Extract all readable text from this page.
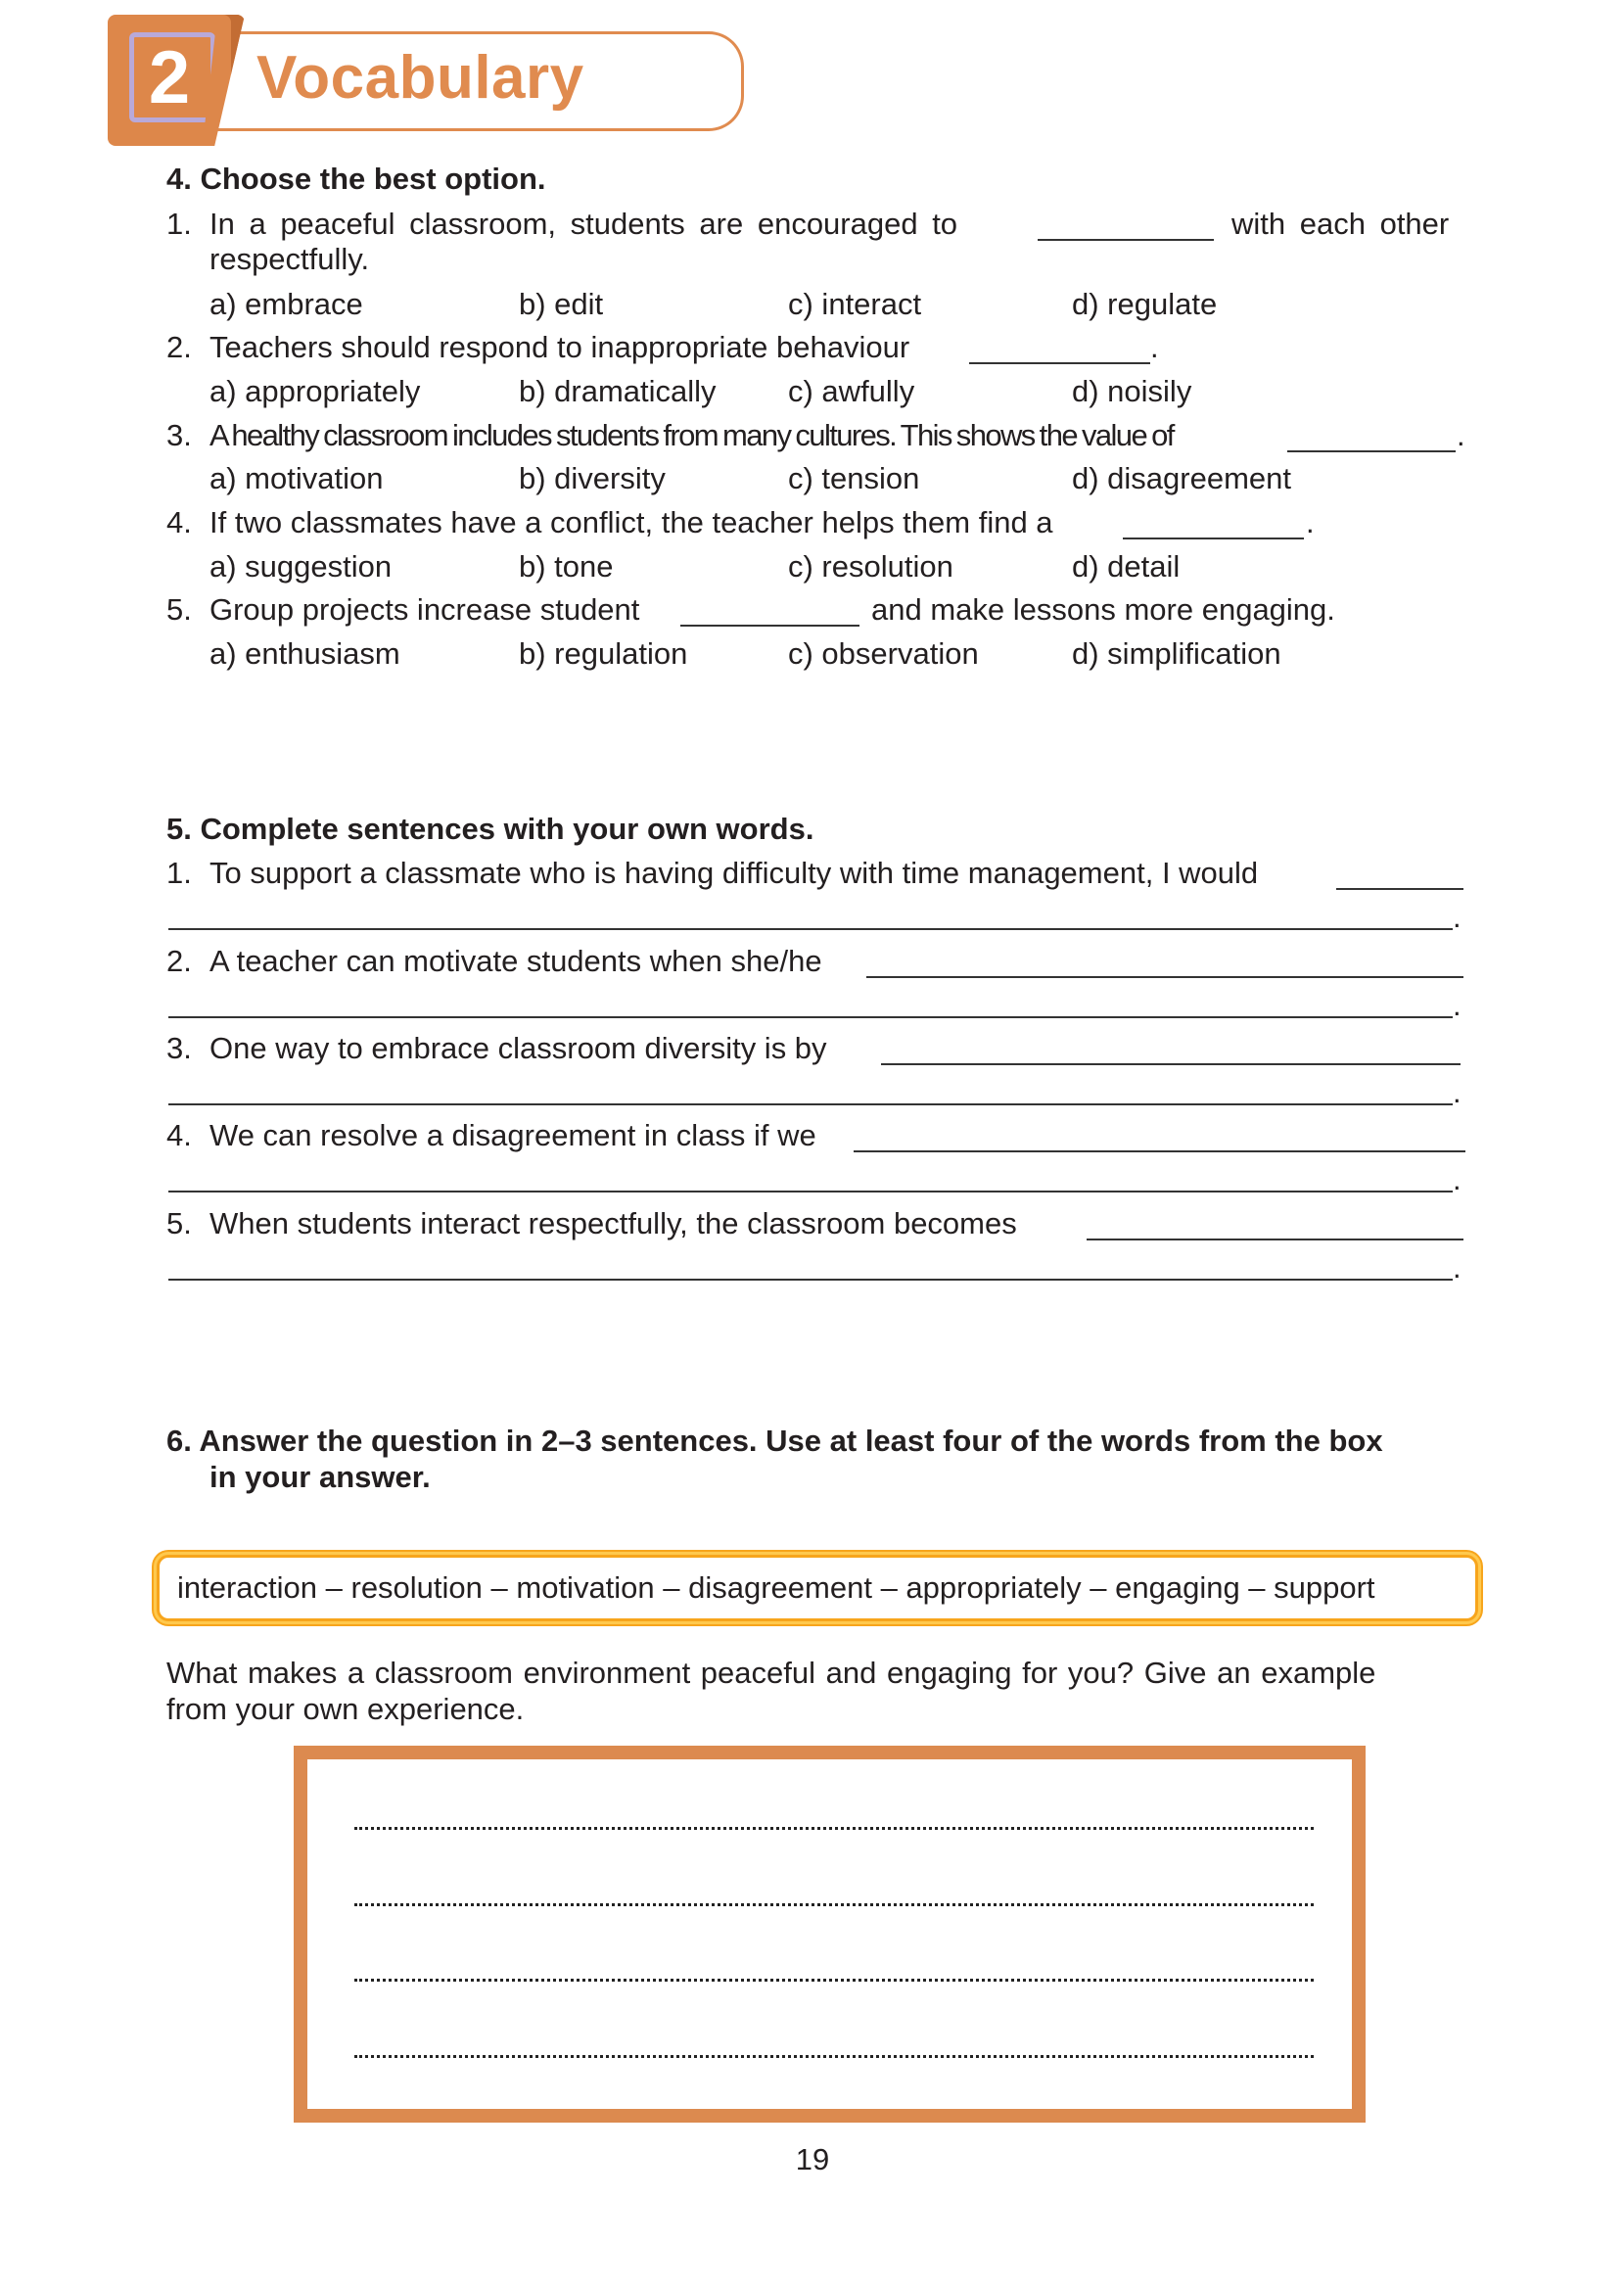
2 Vocabulary
4. Choose the best option.
1. In a peaceful classroom, students are encouraged to	with each other
respectfully.
a) embrace	b) edit	c) interact	d) regulate
2. Teachers should respond to inappropriate behaviour	.
a) appropriately	b) dramatically c) awfully	d) noisily
3. A healthy classroom includes students from many cultures. This shows the value of	.
a) motivation	b) diversity	c) tension	d) disagreement
4. If two classmates have a conflict, the teacher helps them find a	.
a) suggestion	b) tone	c) resolution	d) detail
5. Group projects increase student	and make lessons more engaging.
a) enthusiasm	b) regulation	c) observation	d) simplification
5. Complete sentences with your own words.
1. To support a classmate who is having difficulty with time management, I would
.
2. A teacher can motivate students when she/he
.
3. One way to embrace classroom diversity is by
.
4. We can resolve a disagreement in class if we
.
5. When students interact respectfully, the classroom becomes
.
6. Answer the question in 2–3 sentences. Use at least four of the words from the box
in your answer.
interaction – resolution – motivation – disagreement – appropriately – engaging – support
What makes a classroom environment peaceful and engaging for you? Give an example
from your own experience.
19
